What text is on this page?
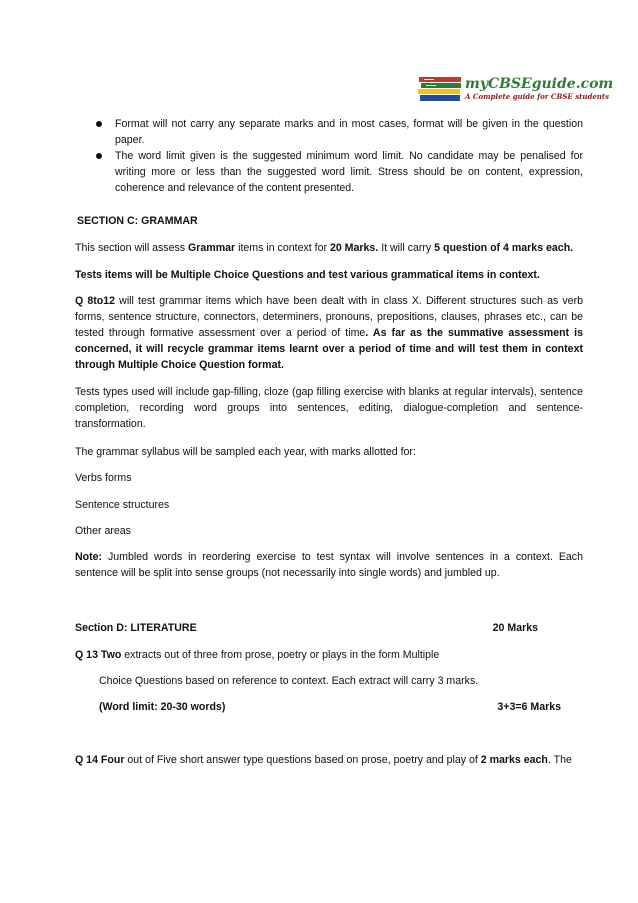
myCBSEguide.com
A Complete guide for CBSE students
Format will not carry any separate marks and in most cases, format will be given in the question paper.
The word limit given is the suggested minimum word limit. No candidate may be penalised for writing more or less than the suggested word limit. Stress should be on content, expression, coherence and relevance of the content presented.

SECTION C: GRAMMAR

This section will assess Grammar items in context for 20 Marks. It will carry 5 question of 4 marks each.

Tests items will be Multiple Choice Questions and test various grammatical items in context.

Q 8to12 will test grammar items which have been dealt with in class X. Different structures such as verb forms, sentence structure, connectors, determiners, pronouns, prepositions, clauses, phrases etc., can be tested through formative assessment over a period of time. As far as the summative assessment is concerned, it will recycle grammar items learnt over a period of time and will test them in context through Multiple Choice Question format.

Tests types used will include gap-filling, cloze (gap filling exercise with blanks at regular intervals), sentence completion, recording word groups into sentences, editing, dialogue-completion and sentence-transformation.

The grammar syllabus will be sampled each year, with marks allotted for:

Verbs forms

Sentence structures

Other areas

Note: Jumbled words in reordering exercise to test syntax will involve sentences in a context. Each sentence will be split into sense groups (not necessarily into single words) and jumbled up.

Section D: LITERATURE	20 Marks

Q 13 Two extracts out of three from prose, poetry or plays in the form Multiple

Choice Questions based on reference to context. Each extract will carry 3 marks.

(Word limit: 20-30 words)	3+3=6 Marks

Q 14 Four out of Five short answer type questions based on prose, poetry and play of 2 marks each. The
